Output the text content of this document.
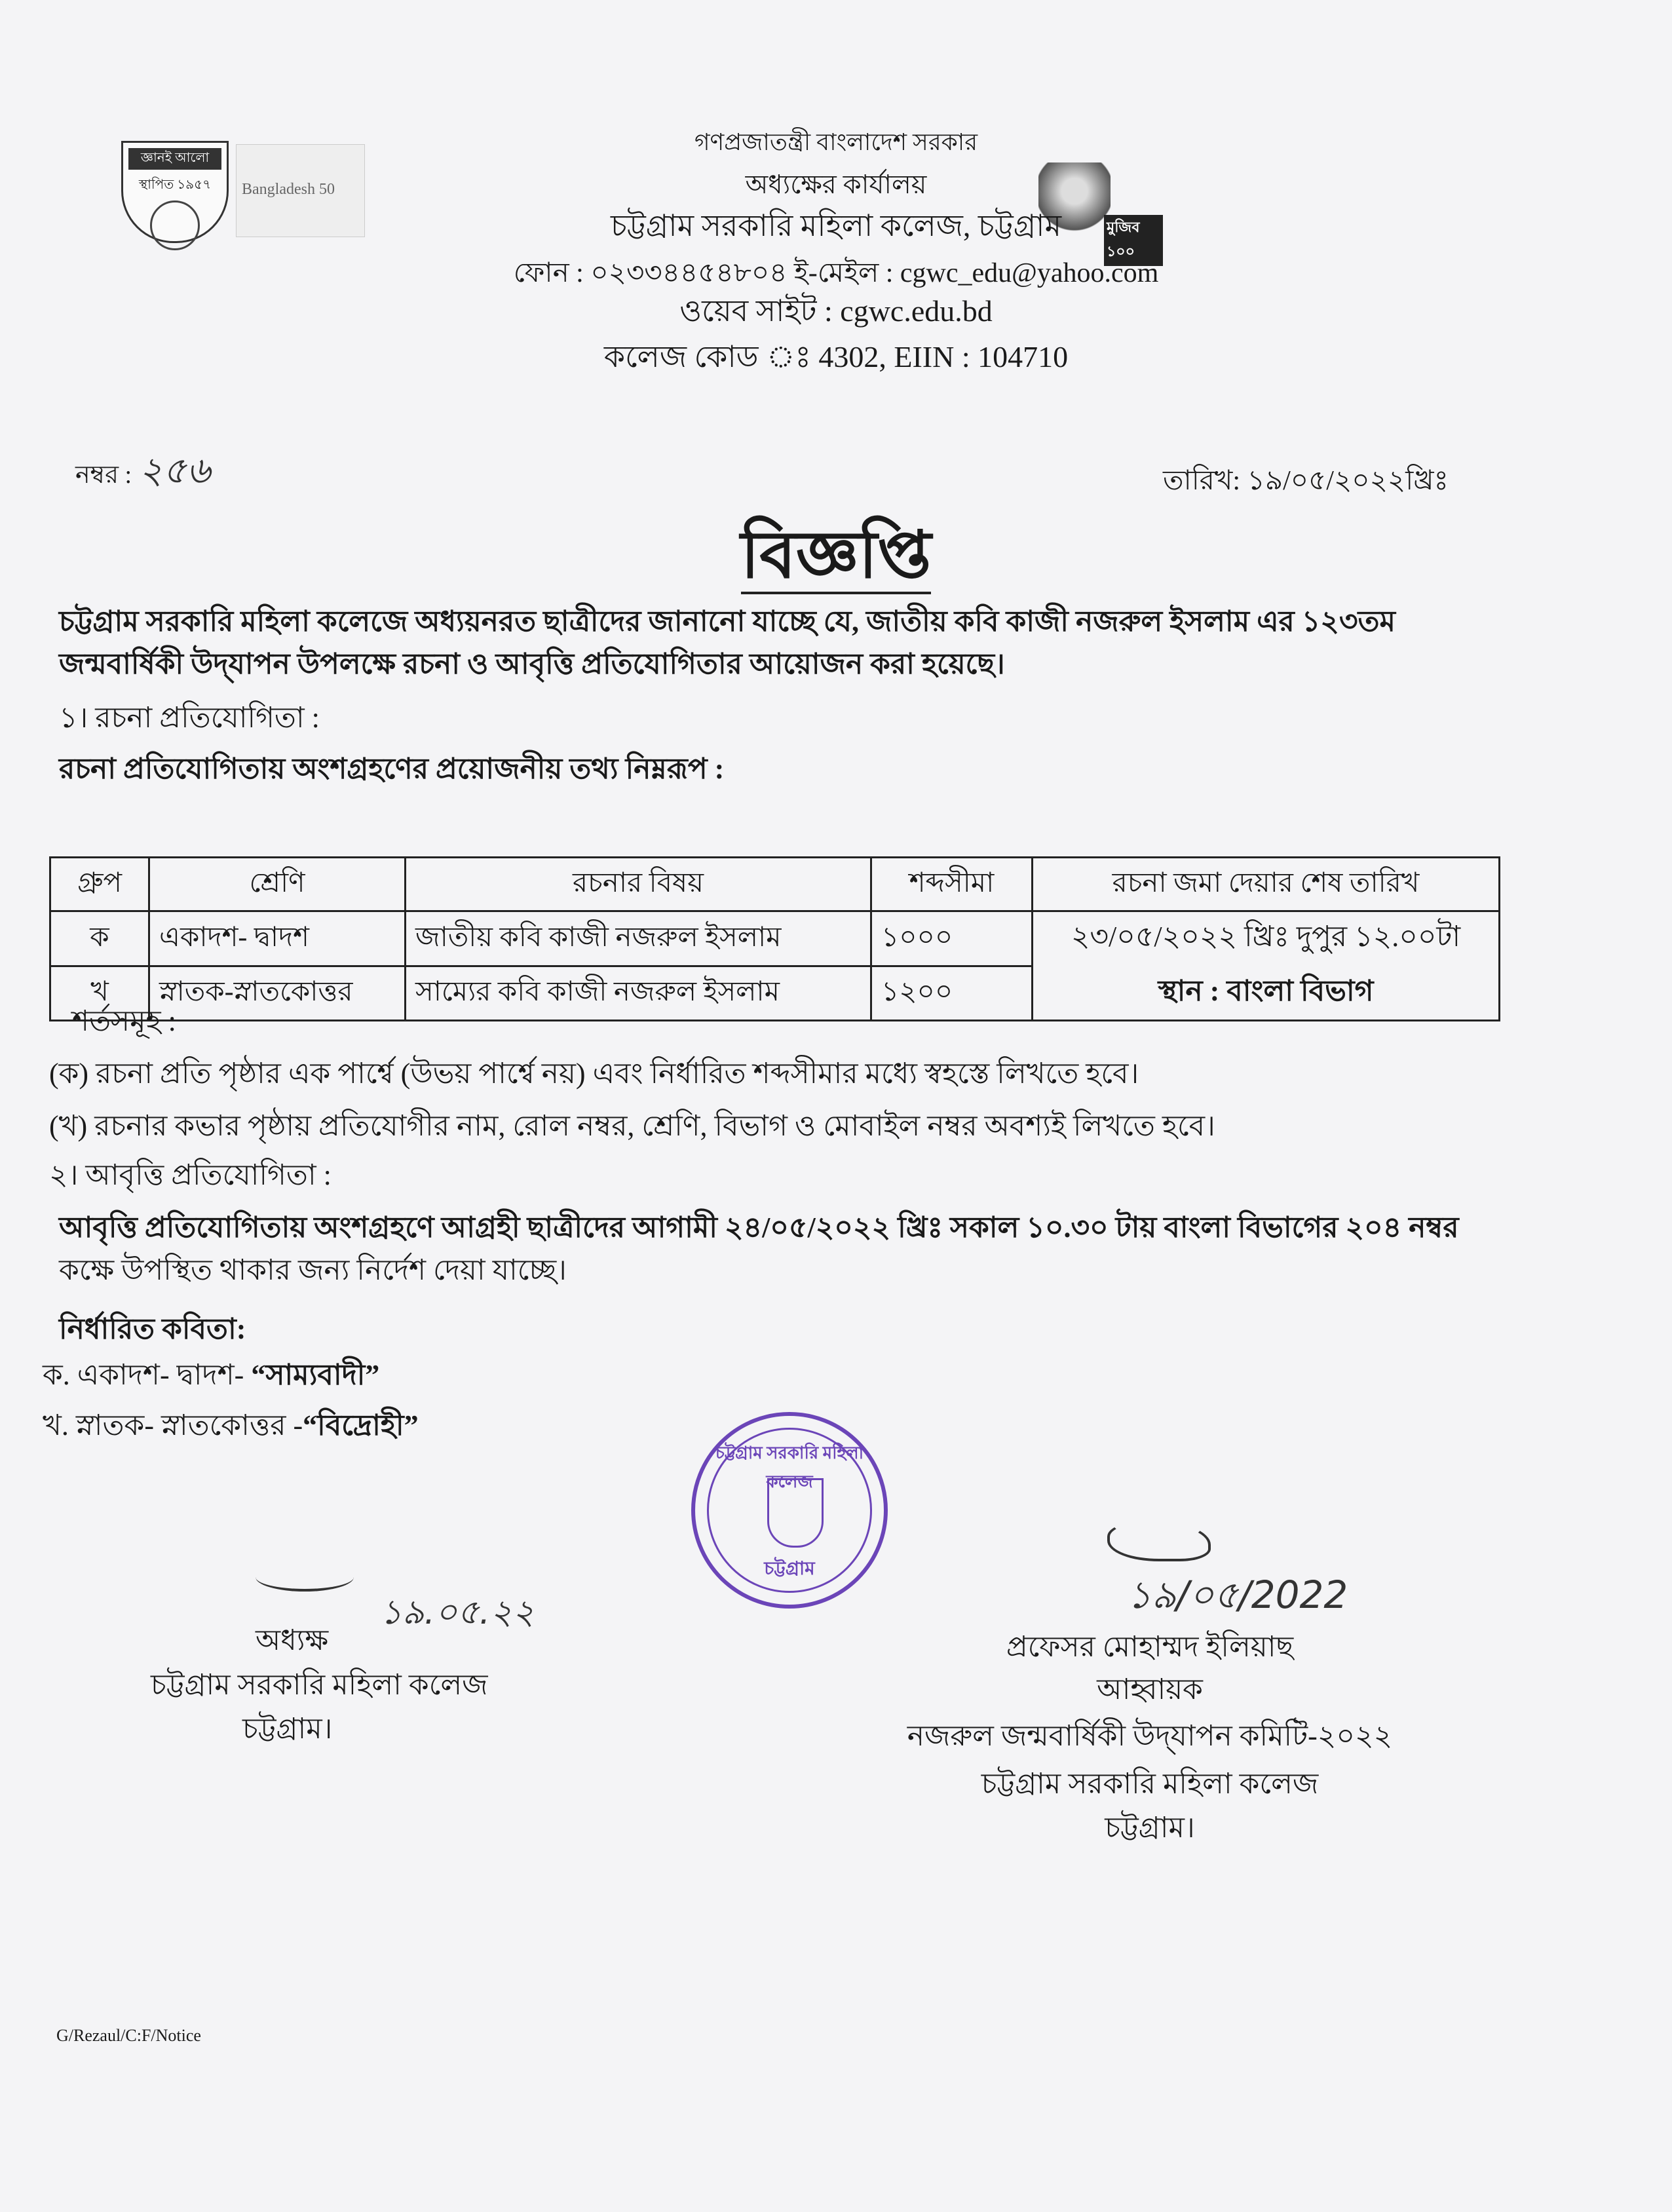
জ্ঞানই আলো
স্থাপিত ১৯৫৭	Bangladesh 50
মুজিব ১০০
গণপ্রজাতন্ত্রী বাংলাদেশ সরকার
অধ্যক্ষের কার্যালয়
চট্টগ্রাম সরকারি মহিলা কলেজ, চট্টগ্রাম
ফোন : ০২৩৩৪৪৫৪৮০৪ ই-মেইল : cgwc_edu@yahoo.com
ওয়েব সাইট : cgwc.edu.bd
কলেজ কোড ঃ 4302, EIIN : 104710
নম্বর : ২৫৬	তারিখ: ১৯/০৫/২০২২খ্রিঃ
বিজ্ঞপ্তি
চট্টগ্রাম সরকারি মহিলা কলেজে অধ্যয়নরত ছাত্রীদের জানানো যাচ্ছে যে, জাতীয় কবি কাজী নজরুল ইসলাম এর ১২৩তম
জন্মবার্ষিকী উদ্‌যাপন উপলক্ষে রচনা ও আবৃত্তি প্রতিযোগিতার আয়োজন করা হয়েছে।
১। রচনা প্রতিযোগিতা :
রচনা প্রতিযোগিতায় অংশগ্রহণের প্রয়োজনীয় তথ্য নিম্নরূপ :
গ্রুপ	শ্রেণি	রচনার বিষয়	শব্দসীমা	রচনা জমা দেয়ার শেষ তারিখ
ক	একাদশ- দ্বাদশ	জাতীয় কবি কাজী নজরুল ইসলাম	১০০০	২৩/০৫/২০২২ খ্রিঃ দুপুর ১২.০০টা
স্থান : বাংলা বিভাগ

খ	স্নাতক-স্নাতকোত্তর	সাম্যের কবি কাজী নজরুল ইসলাম	১২০০	
শর্তসমূহ :
(ক) রচনা প্রতি পৃষ্ঠার এক পার্শ্বে (উভয় পার্শ্বে নয়) এবং নির্ধারিত শব্দসীমার মধ্যে স্বহস্তে লিখতে হবে।
(খ) রচনার কভার পৃষ্ঠায় প্রতিযোগীর নাম, রোল নম্বর, শ্রেণি, বিভাগ ও মোবাইল নম্বর অবশ্যই লিখতে হবে।
২। আবৃত্তি প্রতিযোগিতা :
আবৃত্তি প্রতিযোগিতায় অংশগ্রহণে আগ্রহী ছাত্রীদের আগামী ২৪/০৫/২০২২ খ্রিঃ সকাল ১০.৩০ টায় বাংলা বিভাগের ২০৪ নম্বর
কক্ষে উপস্থিত থাকার জন্য নির্দেশ দেয়া যাচ্ছে।
নির্ধারিত কবিতা:
ক. একাদশ- দ্বাদশ- “সাম্যবাদী”
খ. স্নাতক- স্নাতকোত্তর -“বিদ্রোহী”
চট্টগ্রাম সরকারি মহিলা কলেজ
চট্টগ্রাম
১৯.০৫.২২
অধ্যক্ষ
চট্টগ্রাম সরকারি মহিলা কলেজ
চট্টগ্রাম।
১৯/০৫/2022
প্রফেসর মোহাম্মদ ইলিয়াছ
আহ্বায়ক
নজরুল জন্মবার্ষিকী উদ্‌যাপন কমিটি-২০২২
চট্টগ্রাম সরকারি মহিলা কলেজ
চট্টগ্রাম।
G/Rezaul/C:F/Notice
